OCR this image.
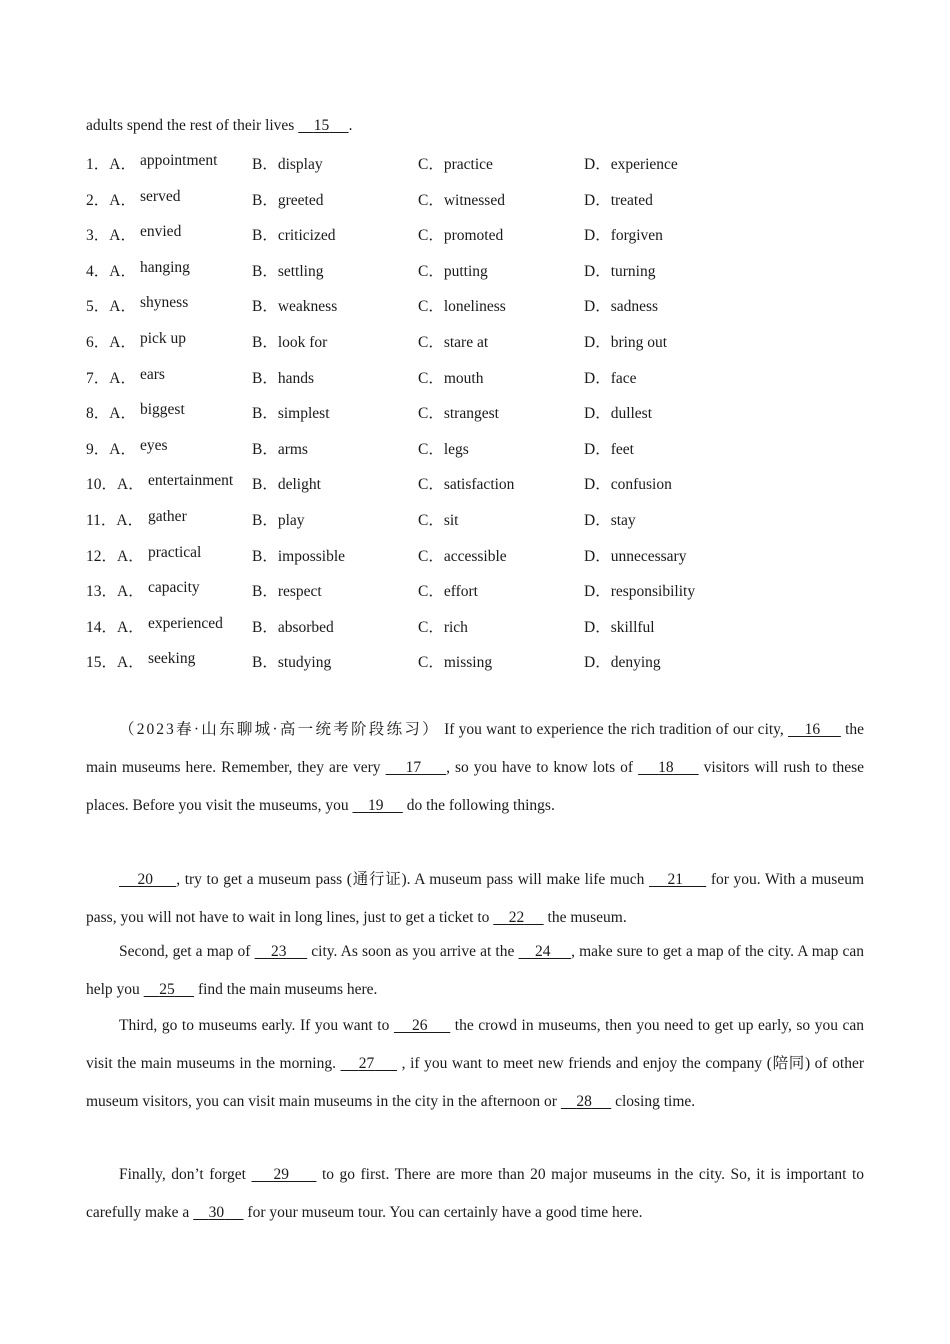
adults spend the rest of their lives     15 .
1．A． appointment B．display	C．practice	D．experience
2．A． served	B．greeted	C．witnessed	D．treated
3．A． envied	B．criticized	C．promoted	D．forgiven
4．A． hanging	B．settling	C．putting	D．turning
5．A． shyness	B．weakness	C．loneliness	D．sadness
6．A． pick up	B．look for	C．stare at	D．bring out
7．A． ears	B．hands	C．mouth	D．face
8．A． biggest	B．simplest	C．strangest	D．dullest
9．A． eyes	B．arms	C．legs	D．feet
10．A． entertainment B．delight	C．satisfaction	D．confusion
11．A． gather	B．play	C．sit	D．stay
12．A． practical	B．impossible	C．accessible	D．unnecessary
13．A． capacity	B．respect	C．effort	D．responsibility
14．A． experienced B．absorbed	C．rich	D．skillful
15．A． seeking	B．studying	C．missing	D．denying

（2023春·山东聊城·高一统考阶段练习） If you want to experience the rich tradition of our city,     16      the main museums here. Remember, they are very     17 , so you have to know lots of     18      visitors will rush to these places. Before you visit the museums, you     19      do the following things.

20 , try to get a museum pass (通行证). A museum pass will make life much     21      for you. With a museum pass, you will not have to wait in long lines, just to get a ticket to     22      the museum.

Second, get a map of     23      city. As soon as you arrive at the     24 , make sure to get a map of the city. A map can help you     25      find the main museums here.

Third, go to museums early. If you want to     26      the crowd in museums, then you need to get up early, so you can visit the main museums in the morning.     27      , if you want to meet new friends and enjoy the company (陪同) of other museum visitors, you can visit main museums in the city in the afternoon or     28      closing time.

Finally, don’t forget     29      to go first. There are more than 20 major museums in the city. So, it is important to carefully make a     30      for your museum tour. You can certainly have a good time here.
